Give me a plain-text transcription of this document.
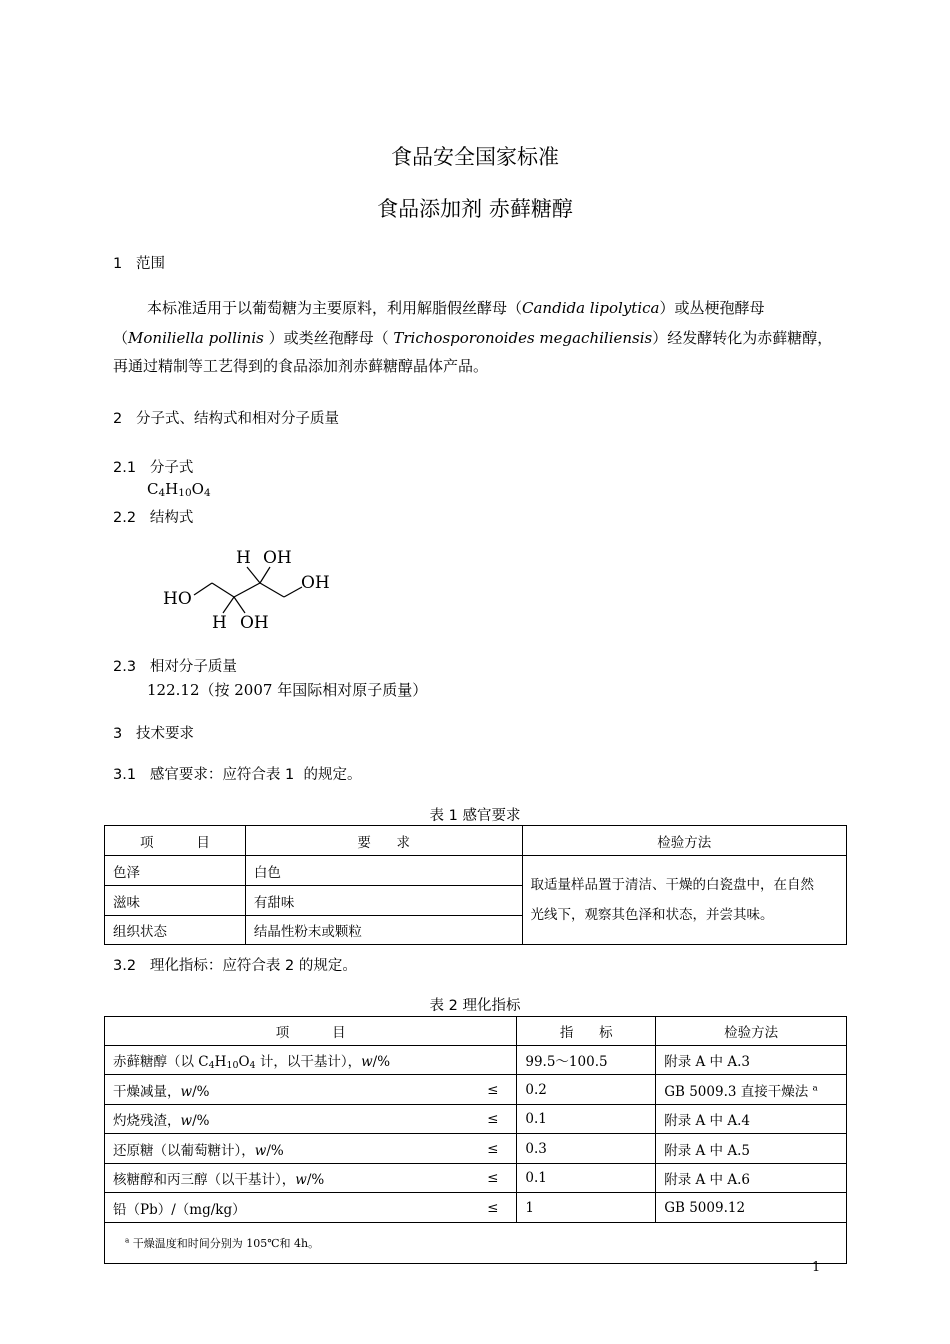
食品安全国家标准
食品添加剂 赤藓糖醇
1   范围
本标准适用于以葡萄糖为主要原料，利用解脂假丝酵母（Candida lipolytica）或丛梗孢酵母
（Moniliella pollinis ）或类丝孢酵母（ Trichosporonoides megachiliensis）经发酵转化为赤藓糖醇，
再通过精制等工艺得到的食品添加剂赤藓糖醇晶体产品。
2   分子式、结构式和相对分子质量
2.1   分子式
$C_4H_{10}O_4$
2.2   结构式
H OH
OH
HO
H OH
2.3   相对分子质量
122.12（按 2007 年国际相对原子质量）
3   技术要求
3.1   感官要求：应符合表 1  的规定。
表 1 感官要求
项          目	要      求	检验方法
色泽	白色	取适量样品置于清洁、干燥的白瓷盘中，在自然
光线下，观察其色泽和状态，并尝其味。

滋味	有甜味	
组织状态	结晶性粉末或颗粒	
3.2   理化指标：应符合表 2 的规定。
表 2 理化指标
项          目		指      标	检验方法
赤藓糖醇（以 $C_4H_{10}O_4$ 计，以干基计），w/%		99.5～100.5	附录 A 中 A.3
干燥减量，w/%	≤	0.2	GB 5009.3 直接干燥法 $^a$
灼烧残渣，w/%	≤	0.1	附录 A 中 A.4
还原糖（以葡萄糖计），w/%	≤	0.3	附录 A 中 A.5
核糖醇和丙三醇（以干基计），w/%	≤	0.1	附录 A 中 A.6
铅（Pb）/（mg/kg）	≤	1	GB 5009.12
$^a$ 干燥温度和时间分别为 105℃和 4h。			
1
